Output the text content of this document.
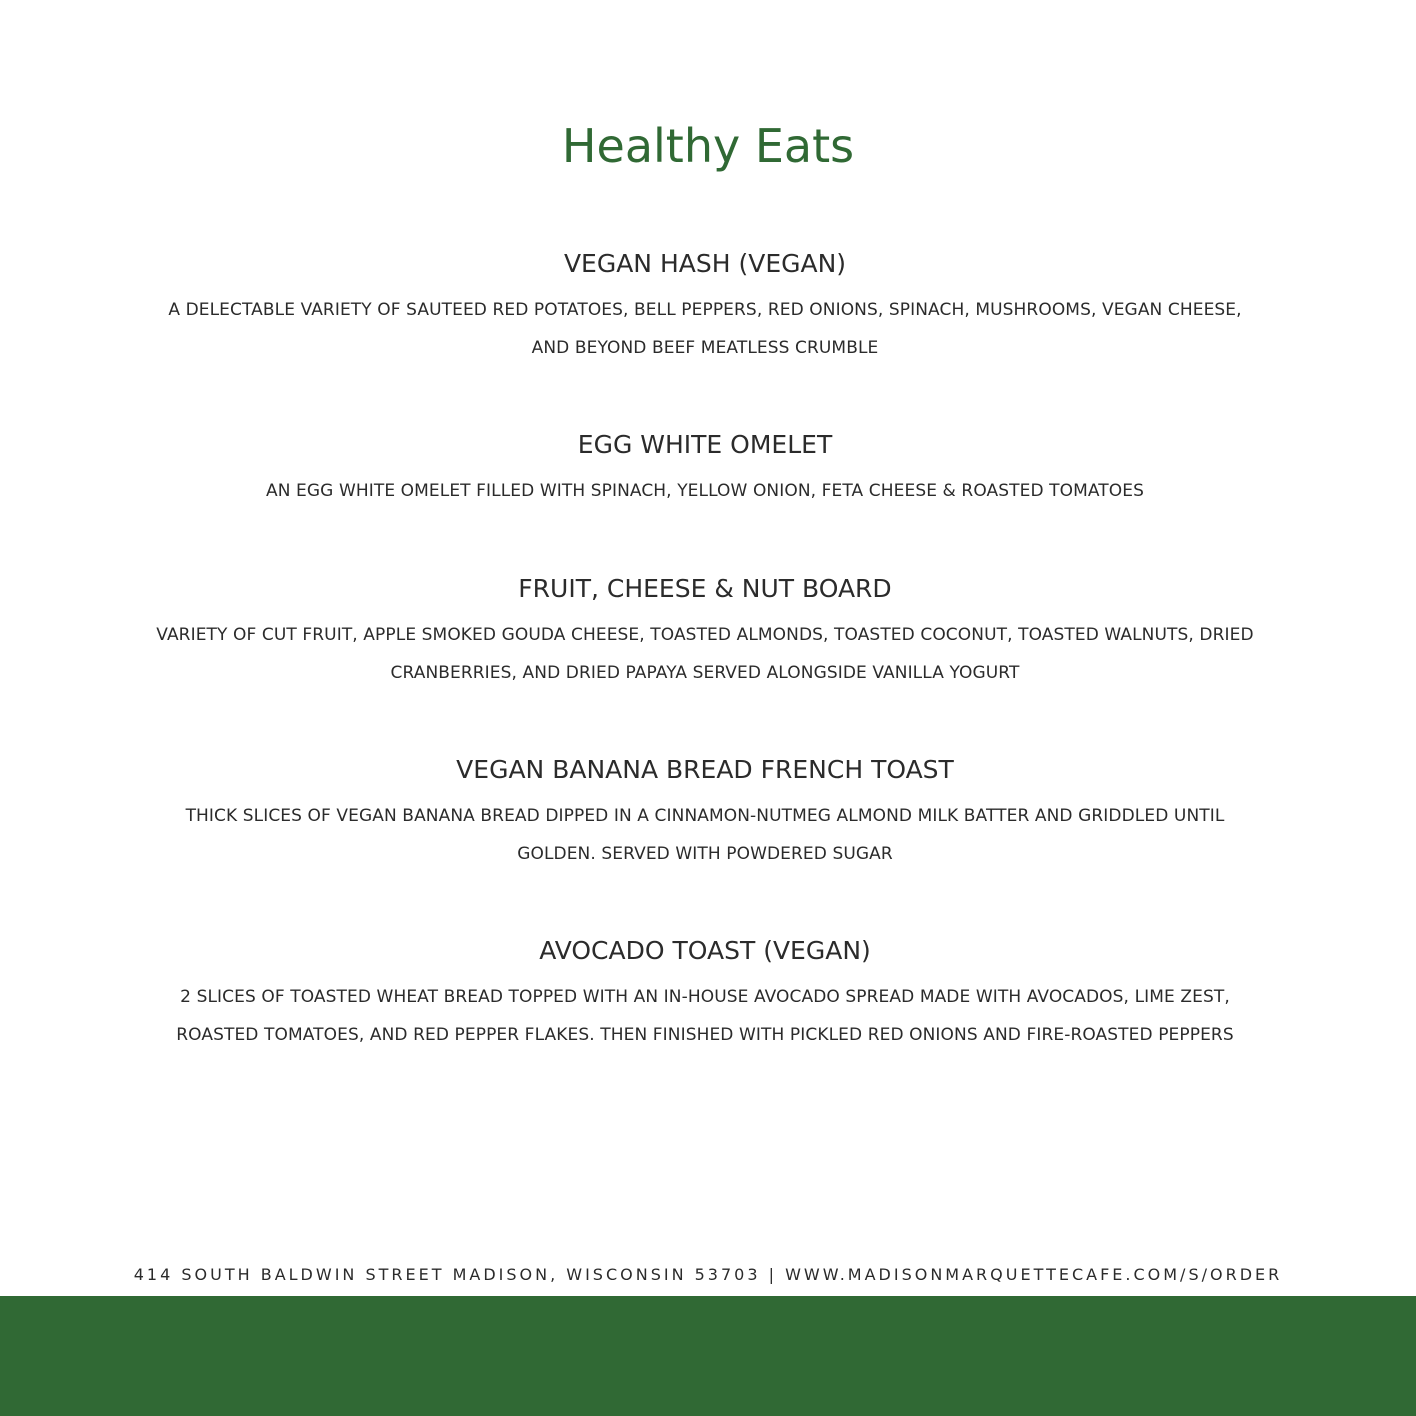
Healthy Eats
VEGAN HASH (VEGAN)

A DELECTABLE VARIETY OF SAUTEED RED POTATOES, BELL PEPPERS, RED ONIONS, SPINACH, MUSHROOMS, VEGAN CHEESE, AND BEYOND BEEF MEATLESS CRUMBLE

EGG WHITE OMELET

AN EGG WHITE OMELET FILLED WITH SPINACH, YELLOW ONION, FETA CHEESE & ROASTED TOMATOES

FRUIT, CHEESE & NUT BOARD

VARIETY OF CUT FRUIT, APPLE SMOKED GOUDA CHEESE, TOASTED ALMONDS, TOASTED COCONUT, TOASTED WALNUTS, DRIED CRANBERRIES, AND DRIED PAPAYA SERVED ALONGSIDE VANILLA YOGURT

VEGAN BANANA BREAD FRENCH TOAST

THICK SLICES OF VEGAN BANANA BREAD DIPPED IN A CINNAMON-NUTMEG ALMOND MILK BATTER AND GRIDDLED UNTIL GOLDEN. SERVED WITH POWDERED SUGAR

AVOCADO TOAST (VEGAN)

2 SLICES OF TOASTED WHEAT BREAD TOPPED WITH AN IN-HOUSE AVOCADO SPREAD MADE WITH AVOCADOS, LIME ZEST, ROASTED TOMATOES, AND RED PEPPER FLAKES. THEN FINISHED WITH PICKLED RED ONIONS AND FIRE-ROASTED PEPPERS

414 SOUTH BALDWIN STREET MADISON, WISCONSIN 53703 | WWW.MADISONMARQUETTECAFE.COM/S/ORDER
